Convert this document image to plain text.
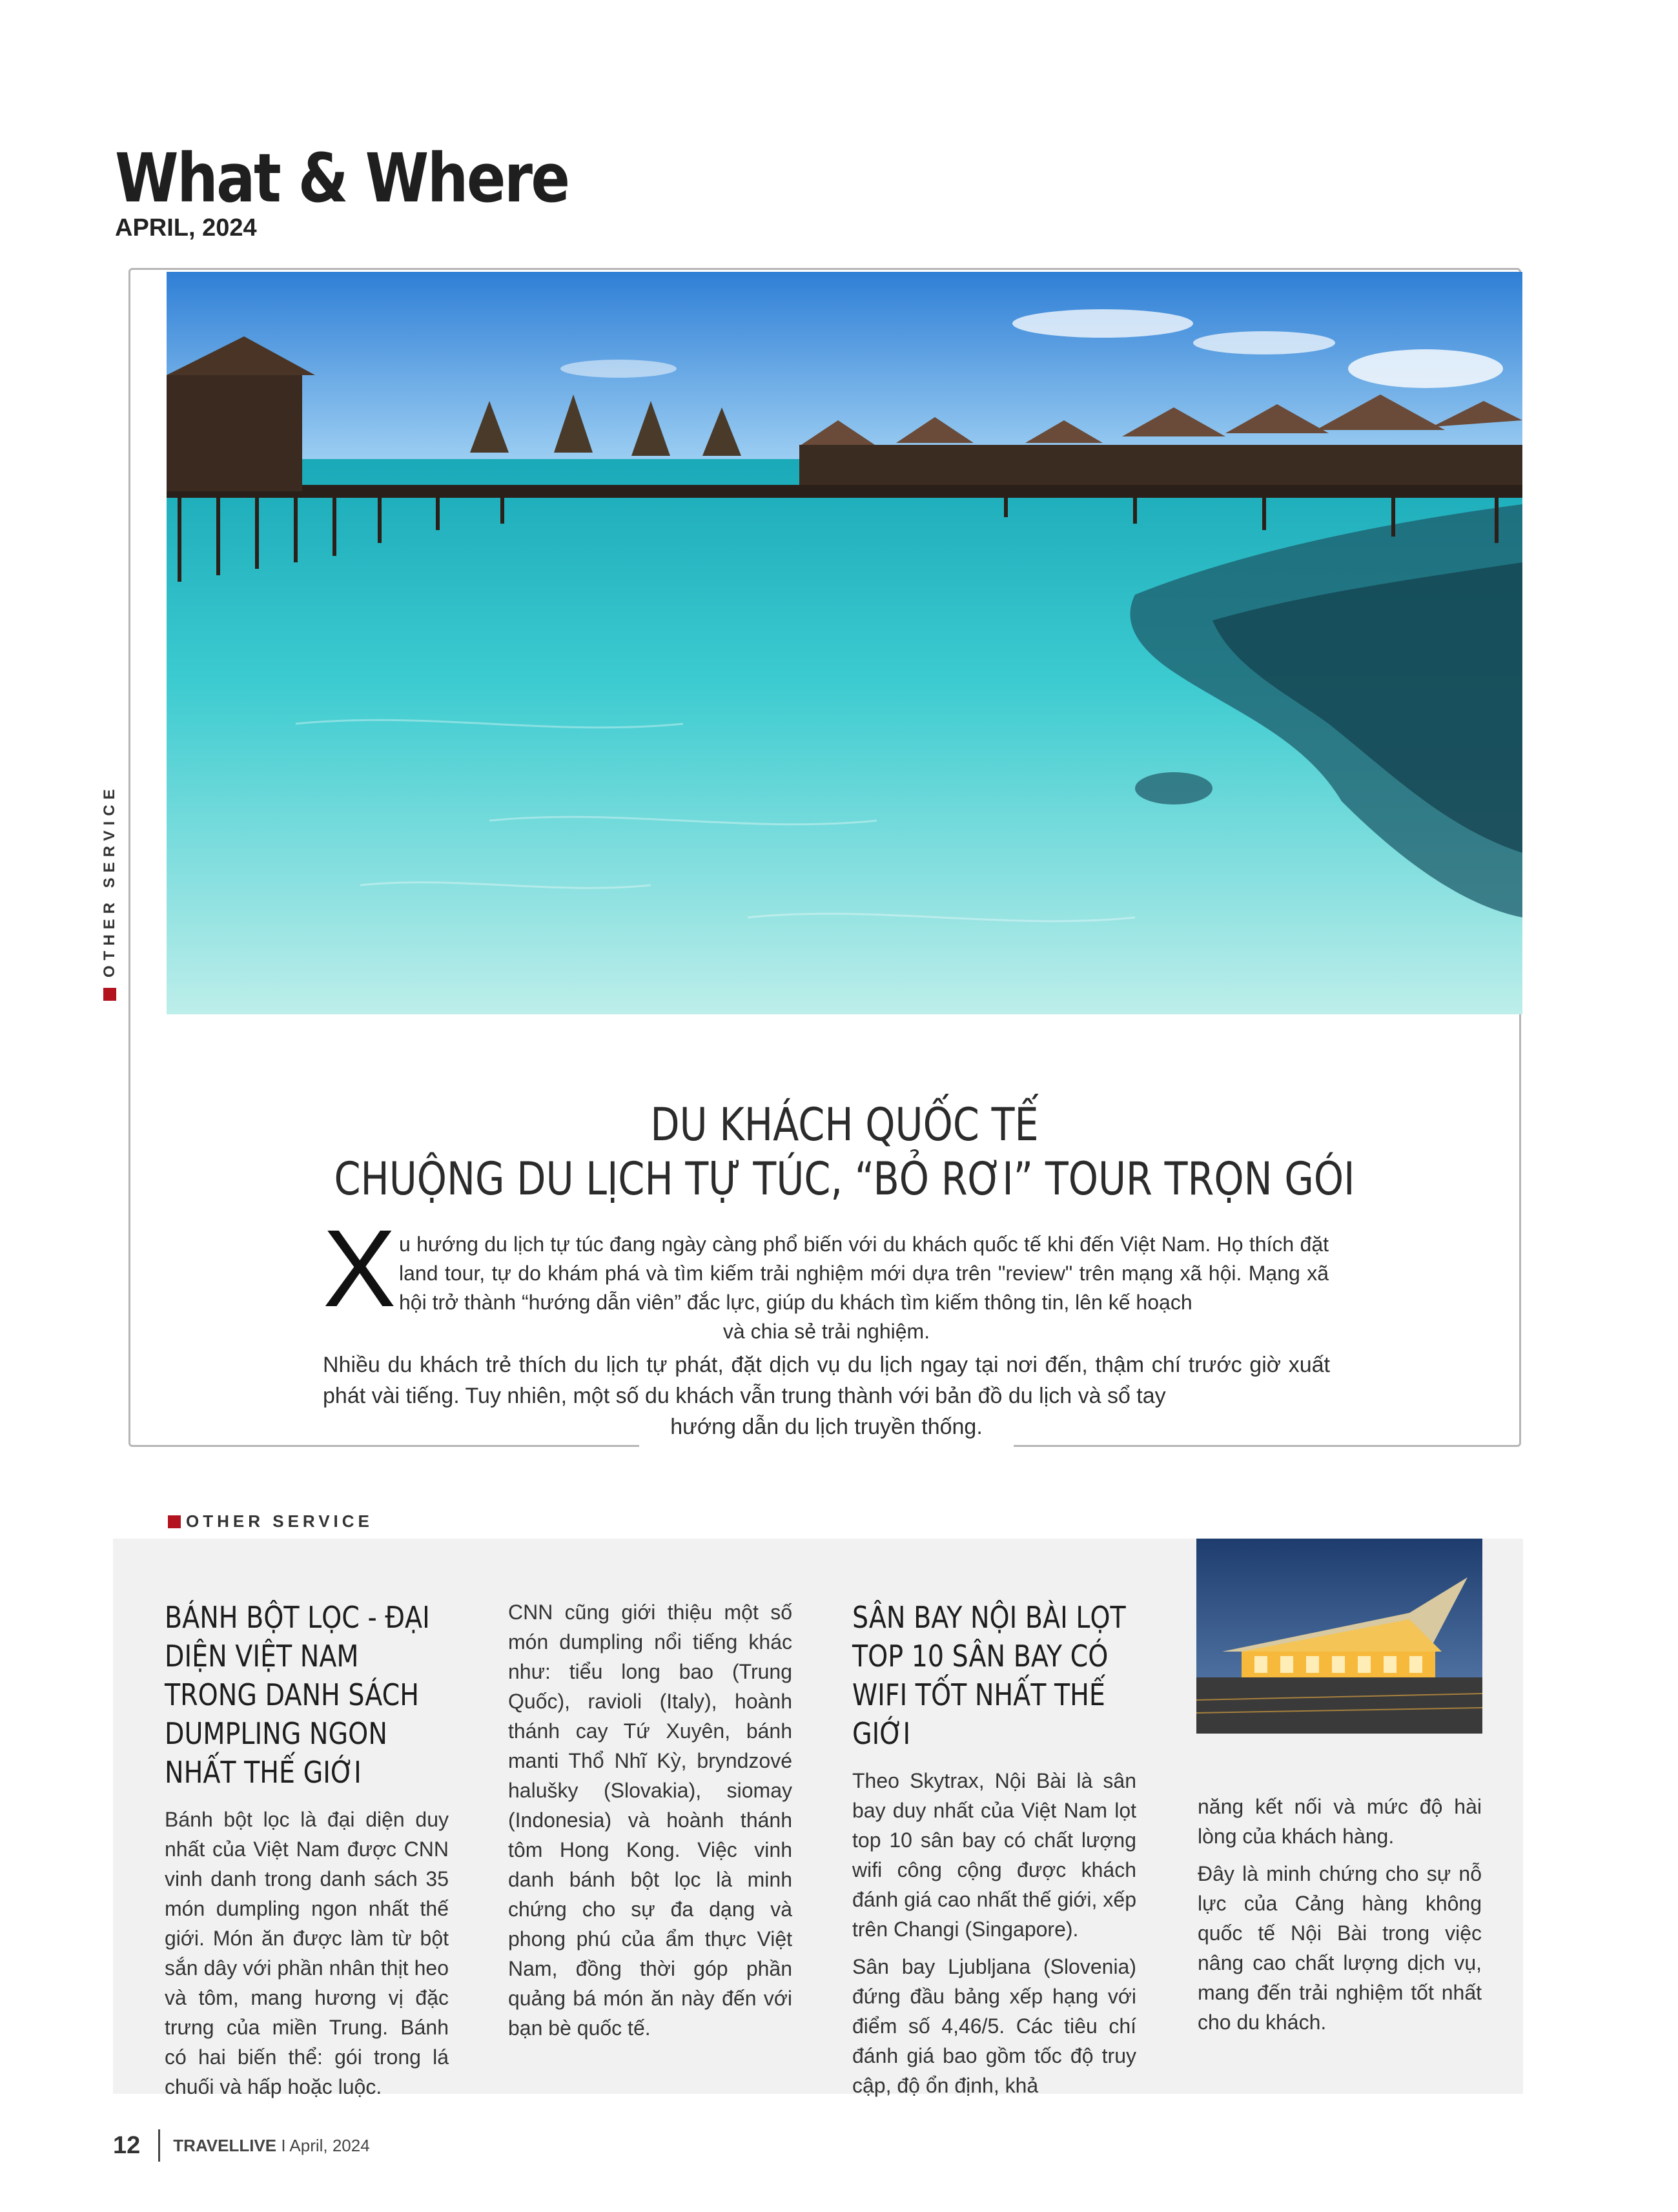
What & Where
APRIL, 2024
OTHER SERVICE
DU KHÁCH QUỐC TẾ
CHUỘNG DU LỊCH TỰ TÚC, “BỎ RƠI” TOUR TRỌN GÓI
X u hướng du lịch tự túc đang ngày càng phổ biến với du khách quốc tế khi đến Việt Nam. Họ thích đặt land tour, tự do khám phá và tìm kiếm trải nghiệm mới dựa trên "review" trên mạng xã hội. Mạng xã hội trở thành “hướng dẫn viên” đắc lực, giúp du khách tìm kiếm thông tin, lên kế hoạch
và chia sẻ trải nghiệm.
Nhiều du khách trẻ thích du lịch tự phát, đặt dịch vụ du lịch ngay tại nơi đến, thậm chí trước giờ xuất phát vài tiếng. Tuy nhiên, một số du khách vẫn trung thành với bản đồ du lịch và sổ tay
hướng dẫn du lịch truyền thống.
OTHER SERVICE
BÁNH BỘT LỌC - ĐẠI DIỆN VIỆT NAM TRONG DANH SÁCH DUMPLING NGON NHẤT THẾ GIỚI

Bánh bột lọc là đại diện duy nhất của Việt Nam được CNN vinh danh trong danh sách 35 món dumpling ngon nhất thế giới. Món ăn được làm từ bột sắn dây với phần nhân thịt heo và tôm, mang hương vị đặc trưng của miền Trung. Bánh có hai biến thể: gói trong lá chuối và hấp hoặc luộc.

CNN cũng giới thiệu một số món dumpling nổi tiếng khác như: tiểu long bao (Trung Quốc), ravioli (Italy), hoành thánh cay Tứ Xuyên, bánh manti Thổ Nhĩ Kỳ, bryndzové halušky (Slovakia), siomay (Indonesia) và hoành thánh tôm Hong Kong. Việc vinh danh bánh bột lọc là minh chứng cho sự đa dạng và phong phú của ẩm thực Việt Nam, đồng thời góp phần quảng bá món ăn này đến với bạn bè quốc tế.

SÂN BAY NỘI BÀI LỌT TOP 10 SÂN BAY CÓ WIFI TỐT NHẤT THẾ GIỚI

Theo Skytrax, Nội Bài là sân bay duy nhất của Việt Nam lọt top 10 sân bay có chất lượng wifi công cộng được khách đánh giá cao nhất thế giới, xếp trên Changi (Singapore).

Sân bay Ljubljana (Slovenia) đứng đầu bảng xếp hạng với điểm số 4,46/5. Các tiêu chí đánh giá bao gồm tốc độ truy cập, độ ổn định, khả

năng kết nối và mức độ hài lòng của khách hàng.

Đây là minh chứng cho sự nỗ lực của Cảng hàng không quốc tế Nội Bài trong việc nâng cao chất lượng dịch vụ, mang đến trải nghiệm tốt nhất cho du khách.

12 TRAVELLIVE I April, 2024
